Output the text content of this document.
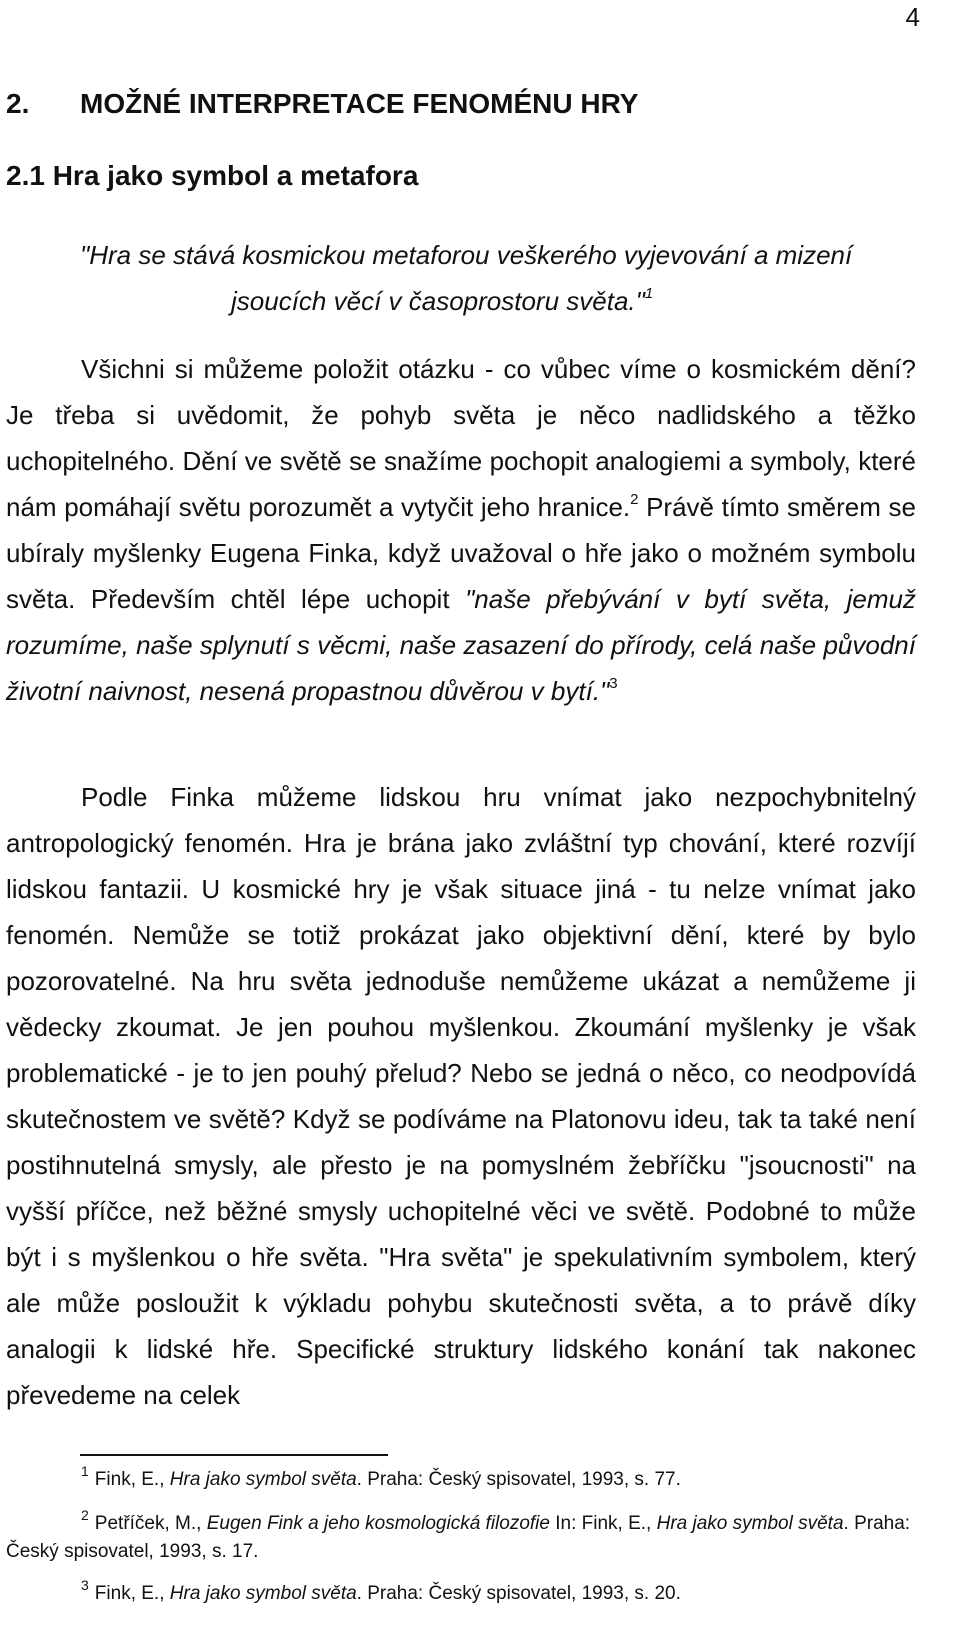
4
2. MOŽNÉ INTERPRETACE FENOMÉNU HRY
2.1 Hra jako symbol a metafora
"Hra se stává kosmickou metaforou veškerého vyjevování a mizení
jsoucích věcí v časoprostoru světa."$^1$
Všichni si můžeme položit otázku - co vůbec víme o kosmickém dění? Je třeba si uvědomit, že pohyb světa je něco nadlidského a těžko uchopitelného. Dění ve světě se snažíme pochopit analogiemi a symboly, které nám pomáhají světu porozumět a vytyčit jeho hranice.$^2$ Právě tímto směrem se ubíraly myšlenky Eugena Finka, když uvažoval o hře jako o možném symbolu světa. Především chtěl lépe uchopit "naše přebývání v bytí světa, jemuž rozumíme, naše splynutí s věcmi, naše zasazení do přírody, celá naše původní životní naivnost, nesená propastnou důvěrou v bytí."$^3$
Podle Finka můžeme lidskou hru vnímat jako nezpochybnitelný antropologický fenomén. Hra je brána jako zvláštní typ chování, které rozvíjí lidskou fantazii. U kosmické hry je však situace jiná - tu nelze vnímat jako fenomén. Nemůže se totiž prokázat jako objektivní dění, které by bylo pozorovatelné. Na hru světa jednoduše nemůžeme ukázat a nemůžeme ji vědecky zkoumat. Je jen pouhou myšlenkou. Zkoumání myšlenky je však problematické - je to jen pouhý přelud? Nebo se jedná o něco, co neodpovídá skutečnostem ve světě? Když se podíváme na Platonovu ideu, tak ta také není postihnutelná smysly, ale přesto je na pomyslném žebříčku "jsoucnosti" na vyšší příčce, než běžné smysly uchopitelné věci ve světě. Podobné to může být i s myšlenkou o hře světa. "Hra světa" je spekulativním symbolem, který ale může posloužit k výkladu pohybu skutečnosti světa, a to právě díky analogii k lidské hře. Specifické struktury lidského konání tak nakonec převedeme na celek
$^1$ Fink, E., Hra jako symbol světa. Praha: Český spisovatel, 1993, s. 77.
$^2$ Petříček, M., Eugen Fink a jeho kosmologická filozofie In: Fink, E., Hra jako symbol světa. Praha: Český spisovatel, 1993, s. 17.
$^3$ Fink, E., Hra jako symbol světa. Praha: Český spisovatel, 1993, s. 20.
